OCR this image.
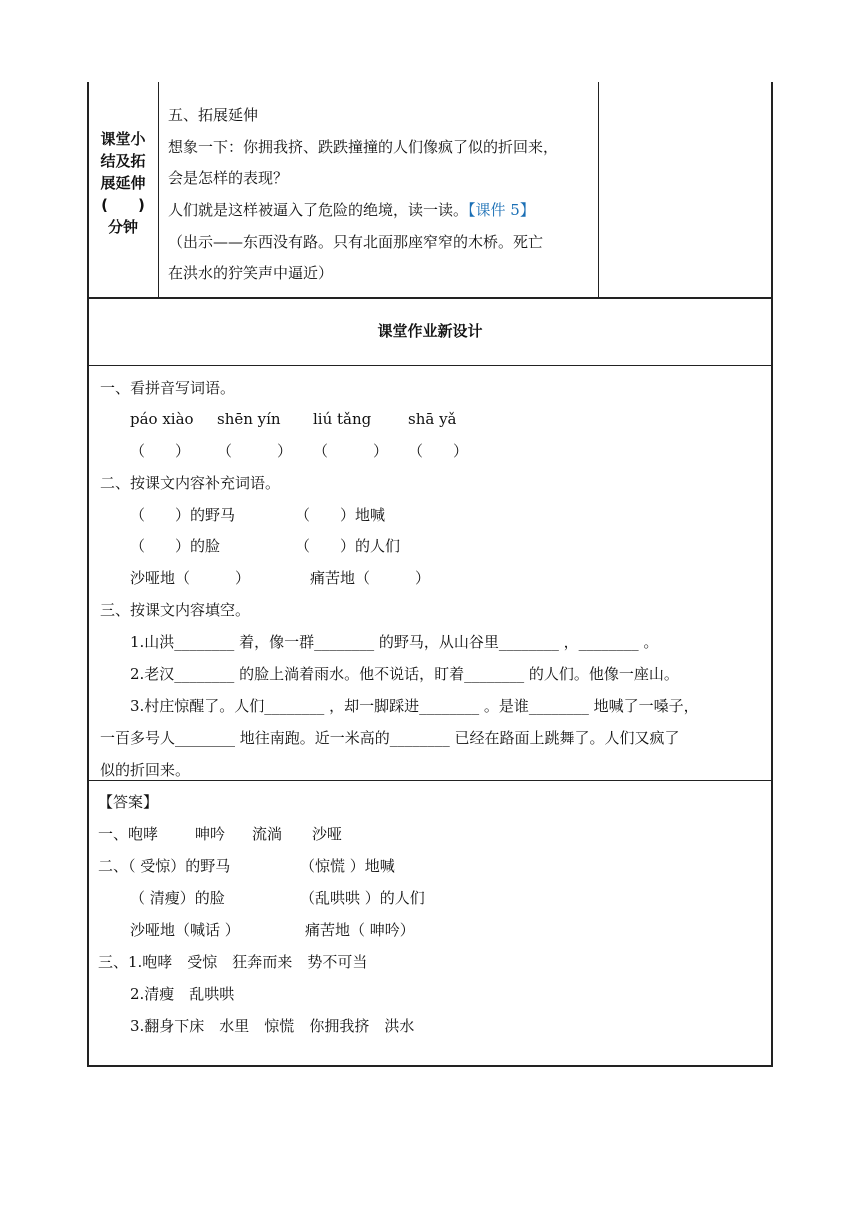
课堂小
结及拓
展延伸
(　　)
分钟
五、拓展延伸
想象一下：你拥我挤、跌跌撞撞的人们像疯了似的折回来，
会是怎样的表现？
人们就是这样被逼入了危险的绝境，读一读。【课件 5】
（出示——东西没有路。只有北面那座窄窄的木桥。死亡
在洪水的狞笑声中逼近）
课堂作业新设计
一、看拼音写词语。
páo xiào shēn yín liú tǎng shā yǎ
（　　） （　　　） （　　　） （　　）
二、按课文内容补充词语。
（　　）的野马	（　　）地喊
（　　）的脸	（　　）的人们
沙哑地（　　　）	痛苦地（　　　）
三、按课文内容填空。
1.山洪________ 着，像一群________ 的野马，从山谷里________ ，________ 。
2.老汉________ 的脸上淌着雨水。他不说话，盯着________ 的人们。他像一座山。
3.村庄惊醒了。人们________ ，却一脚踩进________ 。是谁________ 地喊了一嗓子，
一百多号人________ 地往南跑。近一米高的________ 已经在路面上跳舞了。人们又疯了
似的折回来。
【答案】
一、咆哮 呻吟 流淌 沙哑
二、（ 受惊）的野马	（惊慌 ）地喊
（ 清瘦）的脸	（乱哄哄 ）的人们
沙哑地（喊话 ）	痛苦地（ 呻吟）
三、1.咆哮　受惊　狂奔而来　势不可当
2.清瘦　乱哄哄
3.翻身下床　水里　惊慌　你拥我挤　洪水
